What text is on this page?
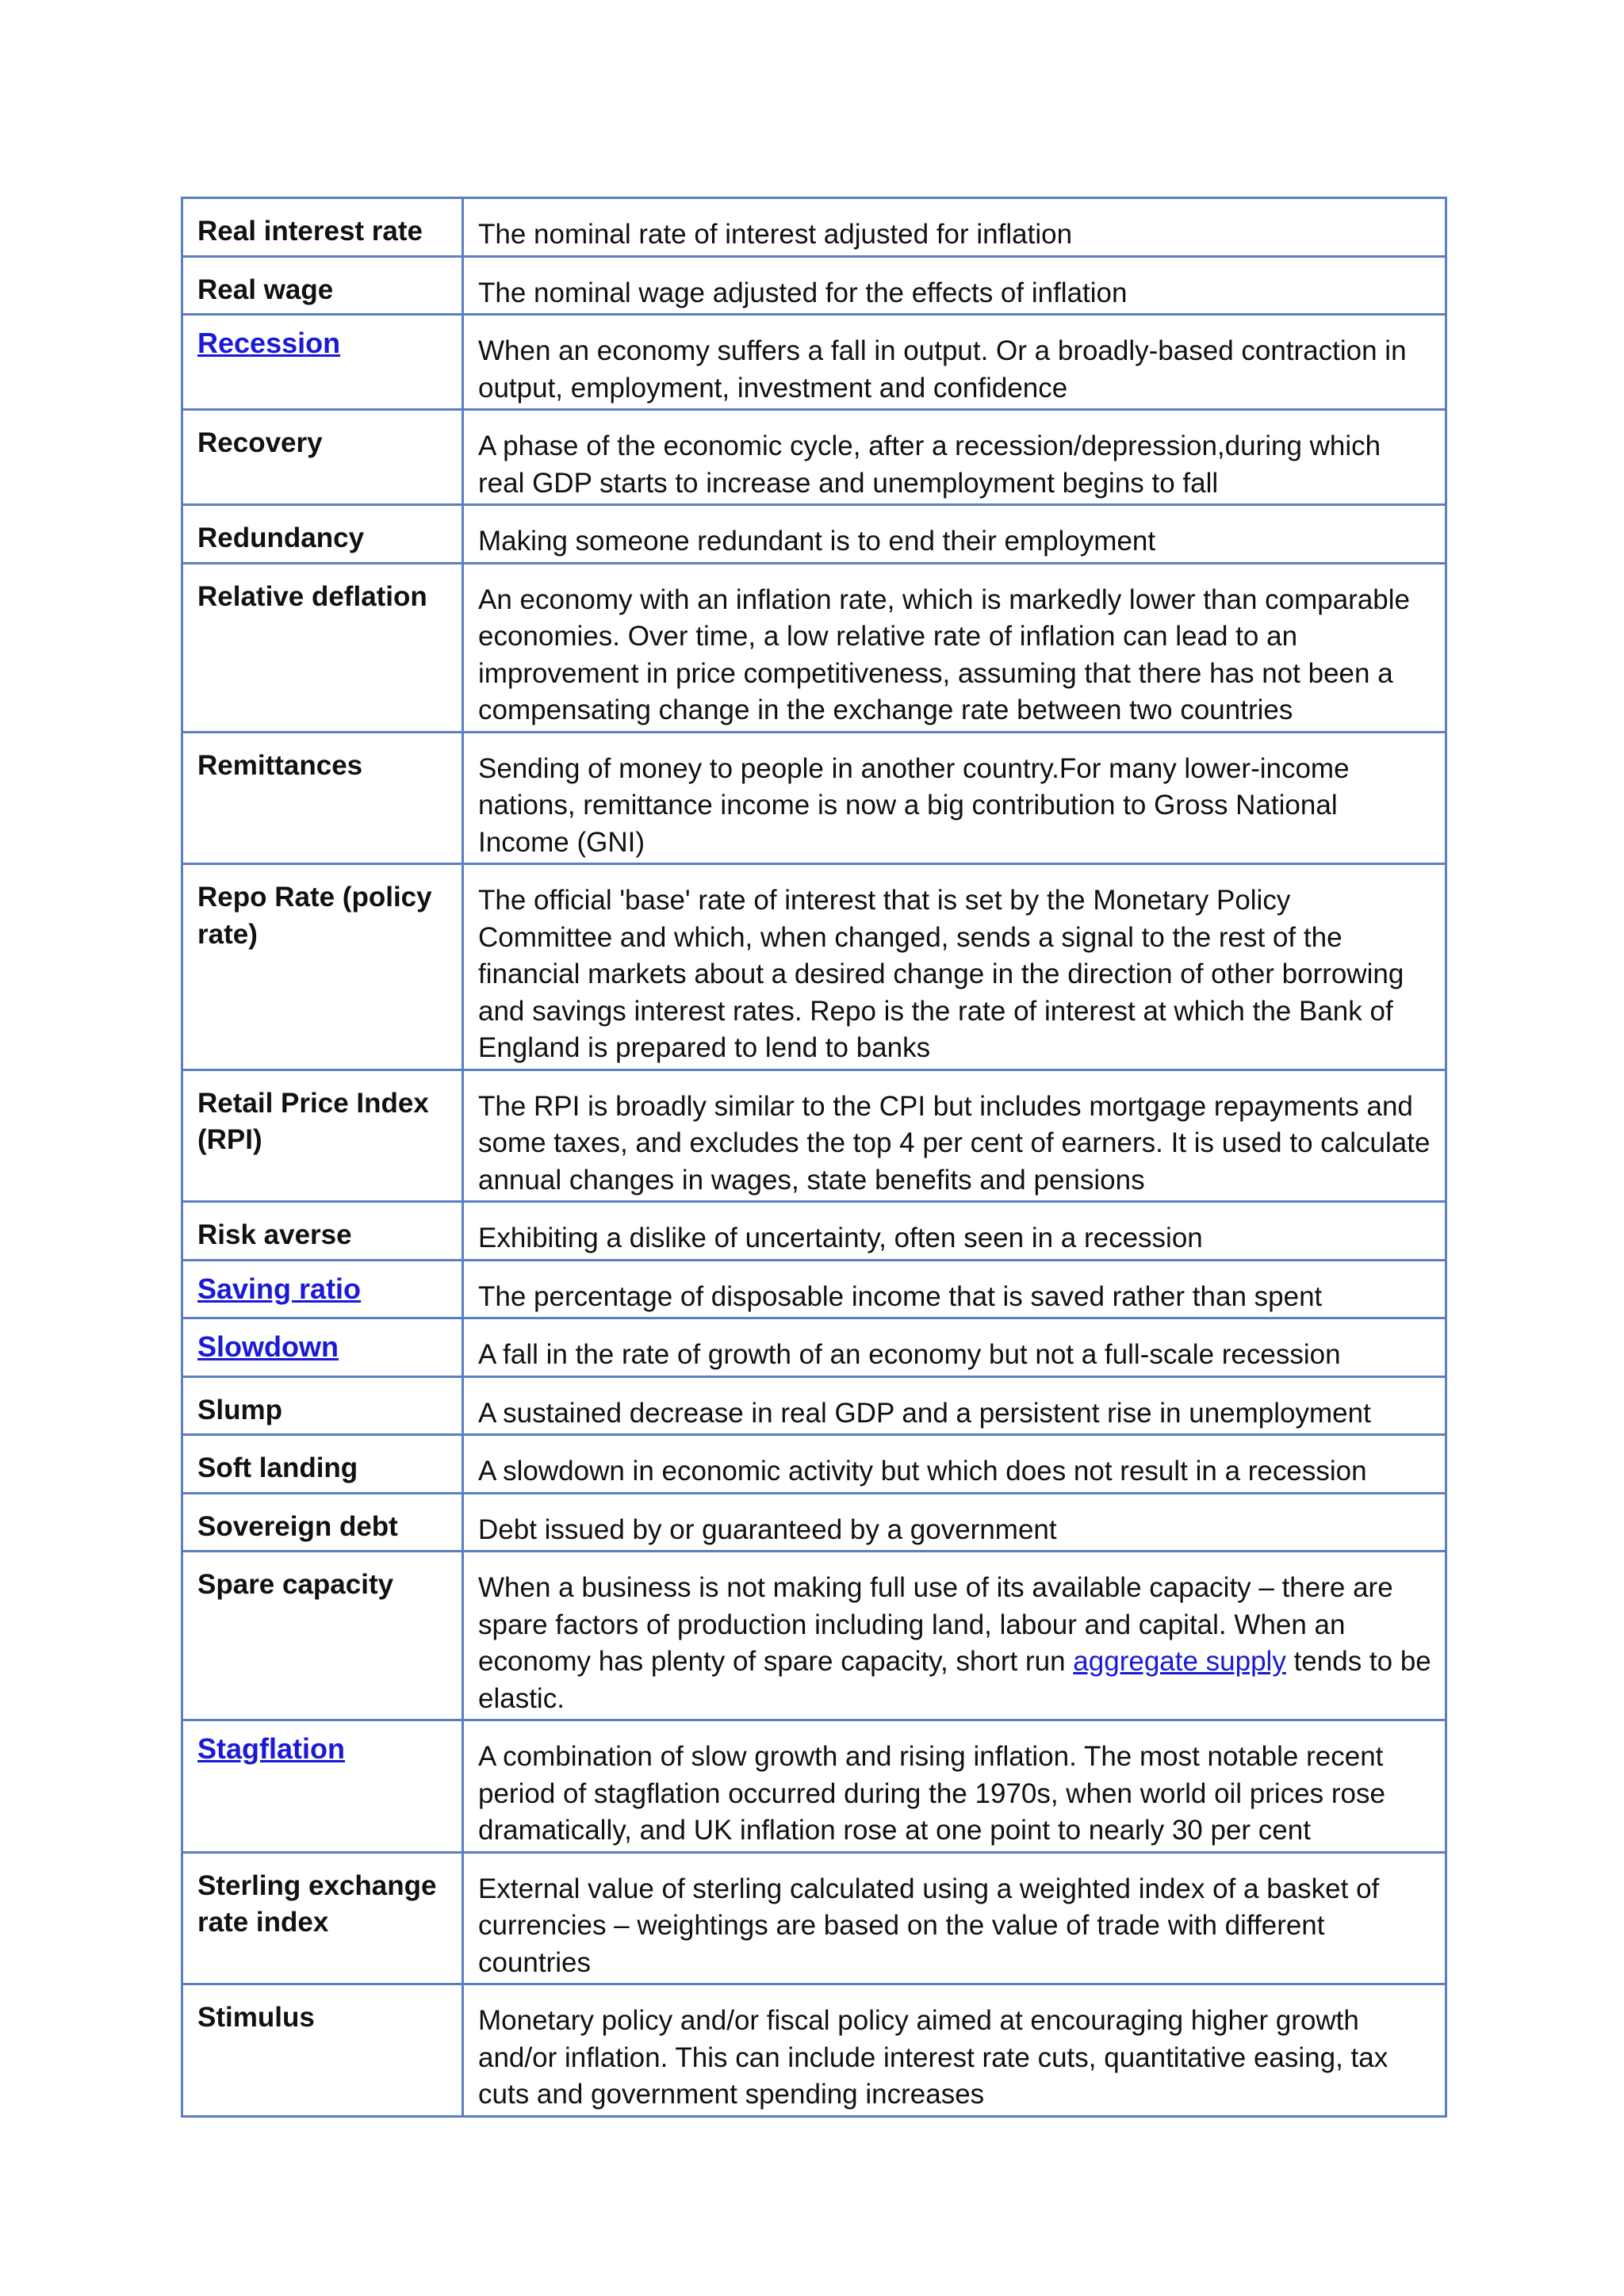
Real interest rate	The nominal rate of interest adjusted for inflation
Real wage	The nominal wage adjusted for the effects of inflation
Recession	When an economy suffers a fall in output. Or a broadly-based contraction in output, employment, investment and confidence
Recovery	A phase of the economic cycle, after a recession/depression,during which real GDP starts to increase and unemployment begins to fall
Redundancy	Making someone redundant is to end their employment
Relative deflation	An economy with an inflation rate, which is markedly lower than comparable economies. Over time, a low relative rate of inflation can lead to an improvement in price competitiveness, assuming that there has not been a compensating change in the exchange rate between two countries
Remittances	Sending of money to people in another country.For many lower-income nations, remittance income is now a big contribution to Gross National Income (GNI)
Repo Rate (policy rate)	The official 'base' rate of interest that is set by the Monetary Policy Committee and which, when changed, sends a signal to the rest of the financial markets about a desired change in the direction of other borrowing and savings interest rates. Repo is the rate of interest at which the Bank of England is prepared to lend to banks
Retail Price Index (RPI)	The RPI is broadly similar to the CPI but includes mortgage repayments and some taxes, and excludes the top 4 per cent of earners. It is used to calculate annual changes in wages, state benefits and pensions
Risk averse	Exhibiting a dislike of uncertainty, often seen in a recession
Saving ratio	The percentage of disposable income that is saved rather than spent
Slowdown	A fall in the rate of growth of an economy but not a full-scale recession
Slump	A sustained decrease in real GDP and a persistent rise in unemployment
Soft landing	A slowdown in economic activity but which does not result in a recession
Sovereign debt	Debt issued by or guaranteed by a government
Spare capacity	When a business is not making full use of its available capacity – there are spare factors of production including land, labour and capital. When an economy has plenty of spare capacity, short run aggregate supply tends to be elastic.
Stagflation	A combination of slow growth and rising inflation. The most notable recent period of stagflation occurred during the 1970s, when world oil prices rose dramatically, and UK inflation rose at one point to nearly 30 per cent
Sterling exchange rate index	External value of sterling calculated using a weighted index of a basket of currencies – weightings are based on the value of trade with different countries
Stimulus	Monetary policy and/or fiscal policy aimed at encouraging higher growth and/or inflation. This can include interest rate cuts, quantitative easing, tax cuts and government spending increases
